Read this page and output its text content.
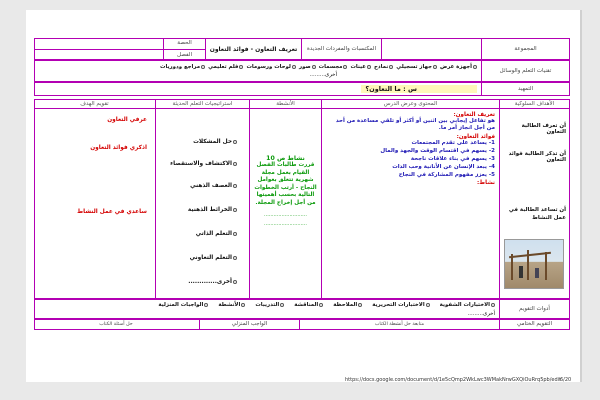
المجموعة
المكتسبات والمفردات الجديدة
تعريف التعاون - فوائد التعاون
الحصة
الفصل
تقنيات التعلم والوسائل
أجهزة عرض
جهاز تسجيلي
نماذج
عينات
مجسمات
صور
لوحات ورسومات
فلم تعليمي
مراجع ودوريات
أخرى.........
التمهيد
س : ما التعاون؟
الأهداف السلوكية
المحتوى وعرض الدرس
الأنشطة
استراتيجيات التعلم الحديثة
تقويم الهدف
أن تعرف الطالبة التعاون
أن تذكر الطالبة فوائد التعاون
أن تساعد الطالبة في عمل النشاط
تعريف التعاون:
هو تفاعل إيجابي بين اثنين أو أكثر أو تلقي مساعدة من أحد من أجل انجاز أمر ما.
فوائد التعاون:
1- يساعد على تقدم المجتمعات
2- يسهم في اقتسام الوقت والجهد والمال
3- يسهم في بناء علاقات ناجحة
4- يبعد الإنسان عن الأنانية وحب الذات
5- يعزز مفهوم المشاركة في النجاح
نشاط:
نشاط ص 10
قررت طالبات الفصل القيام بعمل مجلة شهرية تتعلق بعوامل النجاح - أرتب الخطوات التالية بحسب أهميتها من أجل إخراج المجلة.
...........................
...........................
حل المشكلات
الاكتشاف والاستقصاء
العصف الذهني
الخرائط الذهنية
التعلم الذاتي
التعلم التعاوني
أخرى.............
عرفي التعاون
اذكري فوائد التعاون
ساعدي في عمل النشاط
أدوات التقويم
الاختبارات الشفوية
الاختبارات التحريرية
الملاحظة
المناقشة
التدريبات
الأنشطة
الواجبات المنزلية
أخرى.........
التقويم الختامي
متابعة حل أنشطة الكتاب
الواجب المنزلي
حل أسئلة الكتاب
https://docs.google.com/document/d/1e5cQmp2WkLwc3WMakNrwGXQiOuRrq5pb/edit
6/20
